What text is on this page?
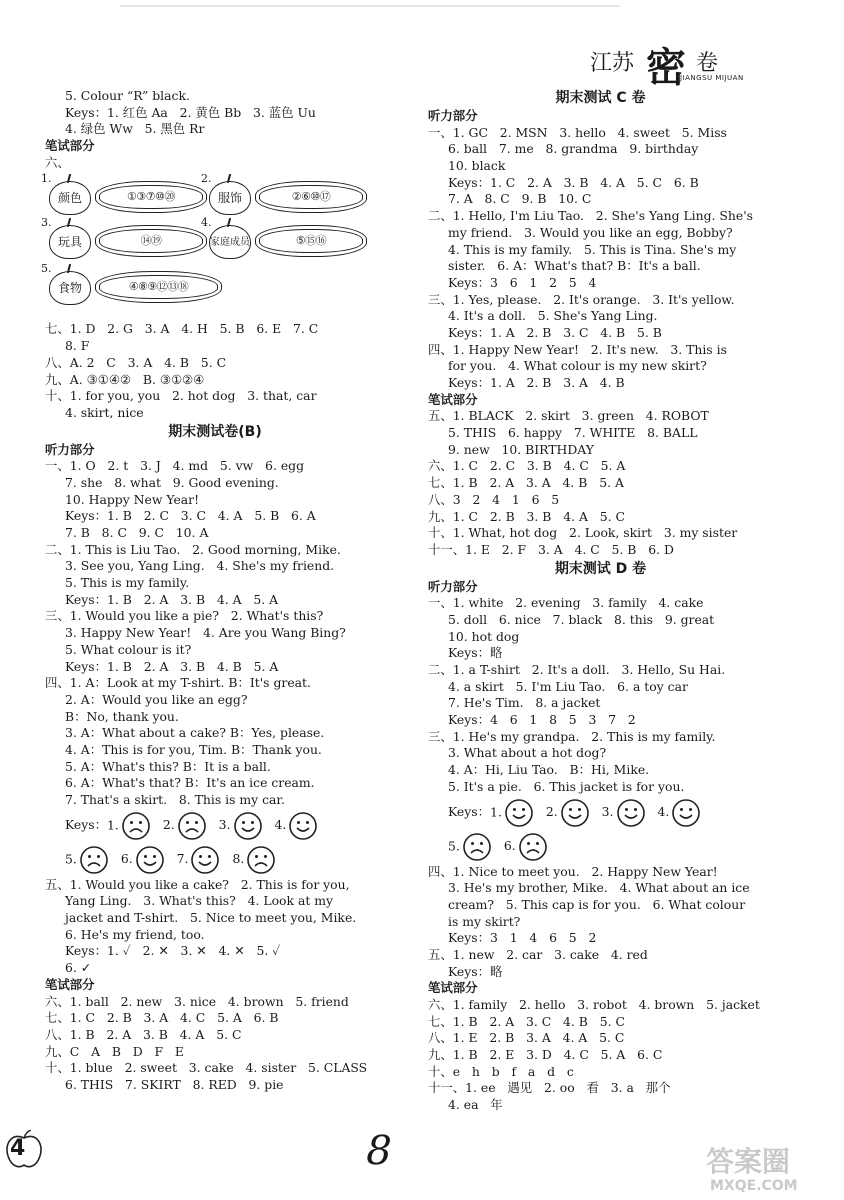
江苏 密 卷
JIANGSU MIJUAN
5. Colour “R” black.
Keys：1. 红色 Aa   2. 黄色 Bb   3. 蓝色 Uu
4. 绿色 Ww   5. 黑色 Rr
笔试部分
六、
1.
颜色	①③⑦⑩⑳
2.
服饰	②⑥⑩⑰
3.
玩具	⑭⑲
4.
家庭成员	⑤⑮⑯
5.
食物	④⑧⑨⑫⑬⑱
七、1. D   2. G   3. A   4. H   5. B   6. E   7. C
8. F
八、A. 2   C   3. A   4. B   5. C
九、A. ③①④②   B. ③①②④
十、1. for you, you   2. hot dog   3. that, car
4. skirt, nice
期末测试卷(B)
听力部分
一、1. O   2. t   3. J   4. md   5. vw   6. egg
7. she   8. what   9. Good evening.
10. Happy New Year!
Keys：1. B   2. C   3. C   4. A   5. B   6. A
7. B   8. C   9. C   10. A
二、1. This is Liu Tao.   2. Good morning, Mike.
3. See you, Yang Ling.   4. She's my friend.
5. This is my family.
Keys：1. B   2. A   3. B   4. A   5. A
三、1. Would you like a pie?   2. What's this?
3. Happy New Year!   4. Are you Wang Bing?
5. What colour is it?
Keys：1. B   2. A   3. B   4. B   5. A
四、1. A：Look at my T-shirt. B：It's great.
2. A：Would you like an egg?
B：No, thank you.
3. A：What about a cake? B：Yes, please.
4. A：This is for you, Tim. B：Thank you.
5. A：What's this? B：It is a ball.
6. A：What's that? B：It's an ice cream.
7. That's a skirt.   8. This is my car.
Keys： 1.	2.	3.	4.
5.	6.	7.	8.
五、1. Would you like a cake?   2. This is for you,
Yang Ling.   3. What's this?   4. Look at my
jacket and T-shirt.   5. Nice to meet you, Mike.
6. He's my friend, too.
Keys：1. ✓   2. ✕   3. ✕   4. ✕   5. ✓
6. ✓
笔试部分
六、1. ball   2. new   3. nice   4. brown   5. friend
七、1. C   2. B   3. A   4. C   5. A   6. B
八、1. B   2. A   3. B   4. A   5. C
九、C   A   B   D   F   E
十、1. blue   2. sweet   3. cake   4. sister   5. CLASS
6. THIS   7. SKIRT   8. RED   9. pie
期末测试 C 卷
听力部分
一、1. GC   2. MSN   3. hello   4. sweet   5. Miss
6. ball   7. me   8. grandma   9. birthday
10. black
Keys：1. C   2. A   3. B   4. A   5. C   6. B
7. A   8. C   9. B   10. C
二、1. Hello, I'm Liu Tao.   2. She's Yang Ling. She's
my friend.   3. Would you like an egg, Bobby?
4. This is my family.   5. This is Tina. She's my
sister.   6. A：What's that? B：It's a ball.
Keys：3   6   1   2   5   4
三、1. Yes, please.   2. It's orange.   3. It's yellow.
4. It's a doll.   5. She's Yang Ling.
Keys：1. A   2. B   3. C   4. B   5. B
四、1. Happy New Year!   2. It's new.   3. This is
for you.   4. What colour is my new skirt?
Keys：1. A   2. B   3. A   4. B
笔试部分
五、1. BLACK   2. skirt   3. green   4. ROBOT
5. THIS   6. happy   7. WHITE   8. BALL
9. new   10. BIRTHDAY
六、1. C   2. C   3. B   4. C   5. A
七、1. B   2. A   3. A   4. B   5. A
八、3   2   4   1   6   5
九、1. C   2. B   3. B   4. A   5. C
十、1. What, hot dog   2. Look, skirt   3. my sister
十一、1. E   2. F   3. A   4. C   5. B   6. D
期末测试 D 卷
听力部分
一、1. white   2. evening   3. family   4. cake
5. doll   6. nice   7. black   8. this   9. great
10. hot dog
Keys：略
二、1. a T-shirt   2. It's a doll.   3. Hello, Su Hai.
4. a skirt   5. I'm Liu Tao.   6. a toy car
7. He's Tim.   8. a jacket
Keys：4   6   1   8   5   3   7   2
三、1. He's my grandpa.   2. This is my family.
3. What about a hot dog?
4. A：Hi, Liu Tao.   B：Hi, Mike.
5. It's a pie.   6. This jacket is for you.
Keys： 1.	2.	3.	4.
5.	6.
四、1. Nice to meet you.   2. Happy New Year!
3. He's my brother, Mike.   4. What about an ice
cream?   5. This cap is for you.   6. What colour
is my skirt?
Keys：3   1   4   6   5   2
五、1. new   2. car   3. cake   4. red
Keys：略
笔试部分
六、1. family   2. hello   3. robot   4. brown   5. jacket
七、1. B   2. A   3. C   4. B   5. C
八、1. E   2. B   3. A   4. A   5. C
九、1. B   2. E   3. D   4. C   5. A   6. C
十、e   h   b   f   a   d   c
十一、1. ee   遇见   2. oo   看   3. a   那个
4. ea   年
4	8	答案圈
MXQE.COM
